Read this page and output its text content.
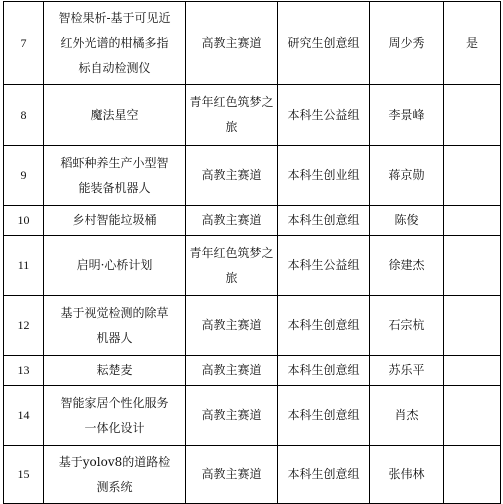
7	智检果析-基于可见近红外光谱的柑橘多指标自动检测仪	高教主赛道	研究生创意组	周少秀	是
8	魔法星空	青年红色筑梦之旅	本科生公益组	李景峰	
9	稻虾种养生产小型智能装备机器人	高教主赛道	本科生创业组	蒋京勋	
10	乡村智能垃圾桶	高教主赛道	本科生创意组	陈俊	
11	启明·心桥计划	青年红色筑梦之旅	本科生公益组	徐建杰	
12	基于视觉检测的除草机器人	高教主赛道	本科生创意组	石宗杭	
13	耘楚麦	高教主赛道	本科生创意组	苏乐平	
14	智能家居个性化服务一体化设计	高教主赛道	本科生创意组	肖杰	
15	基于yolov8的道路检测系统	高教主赛道	本科生创意组	张伟林	
